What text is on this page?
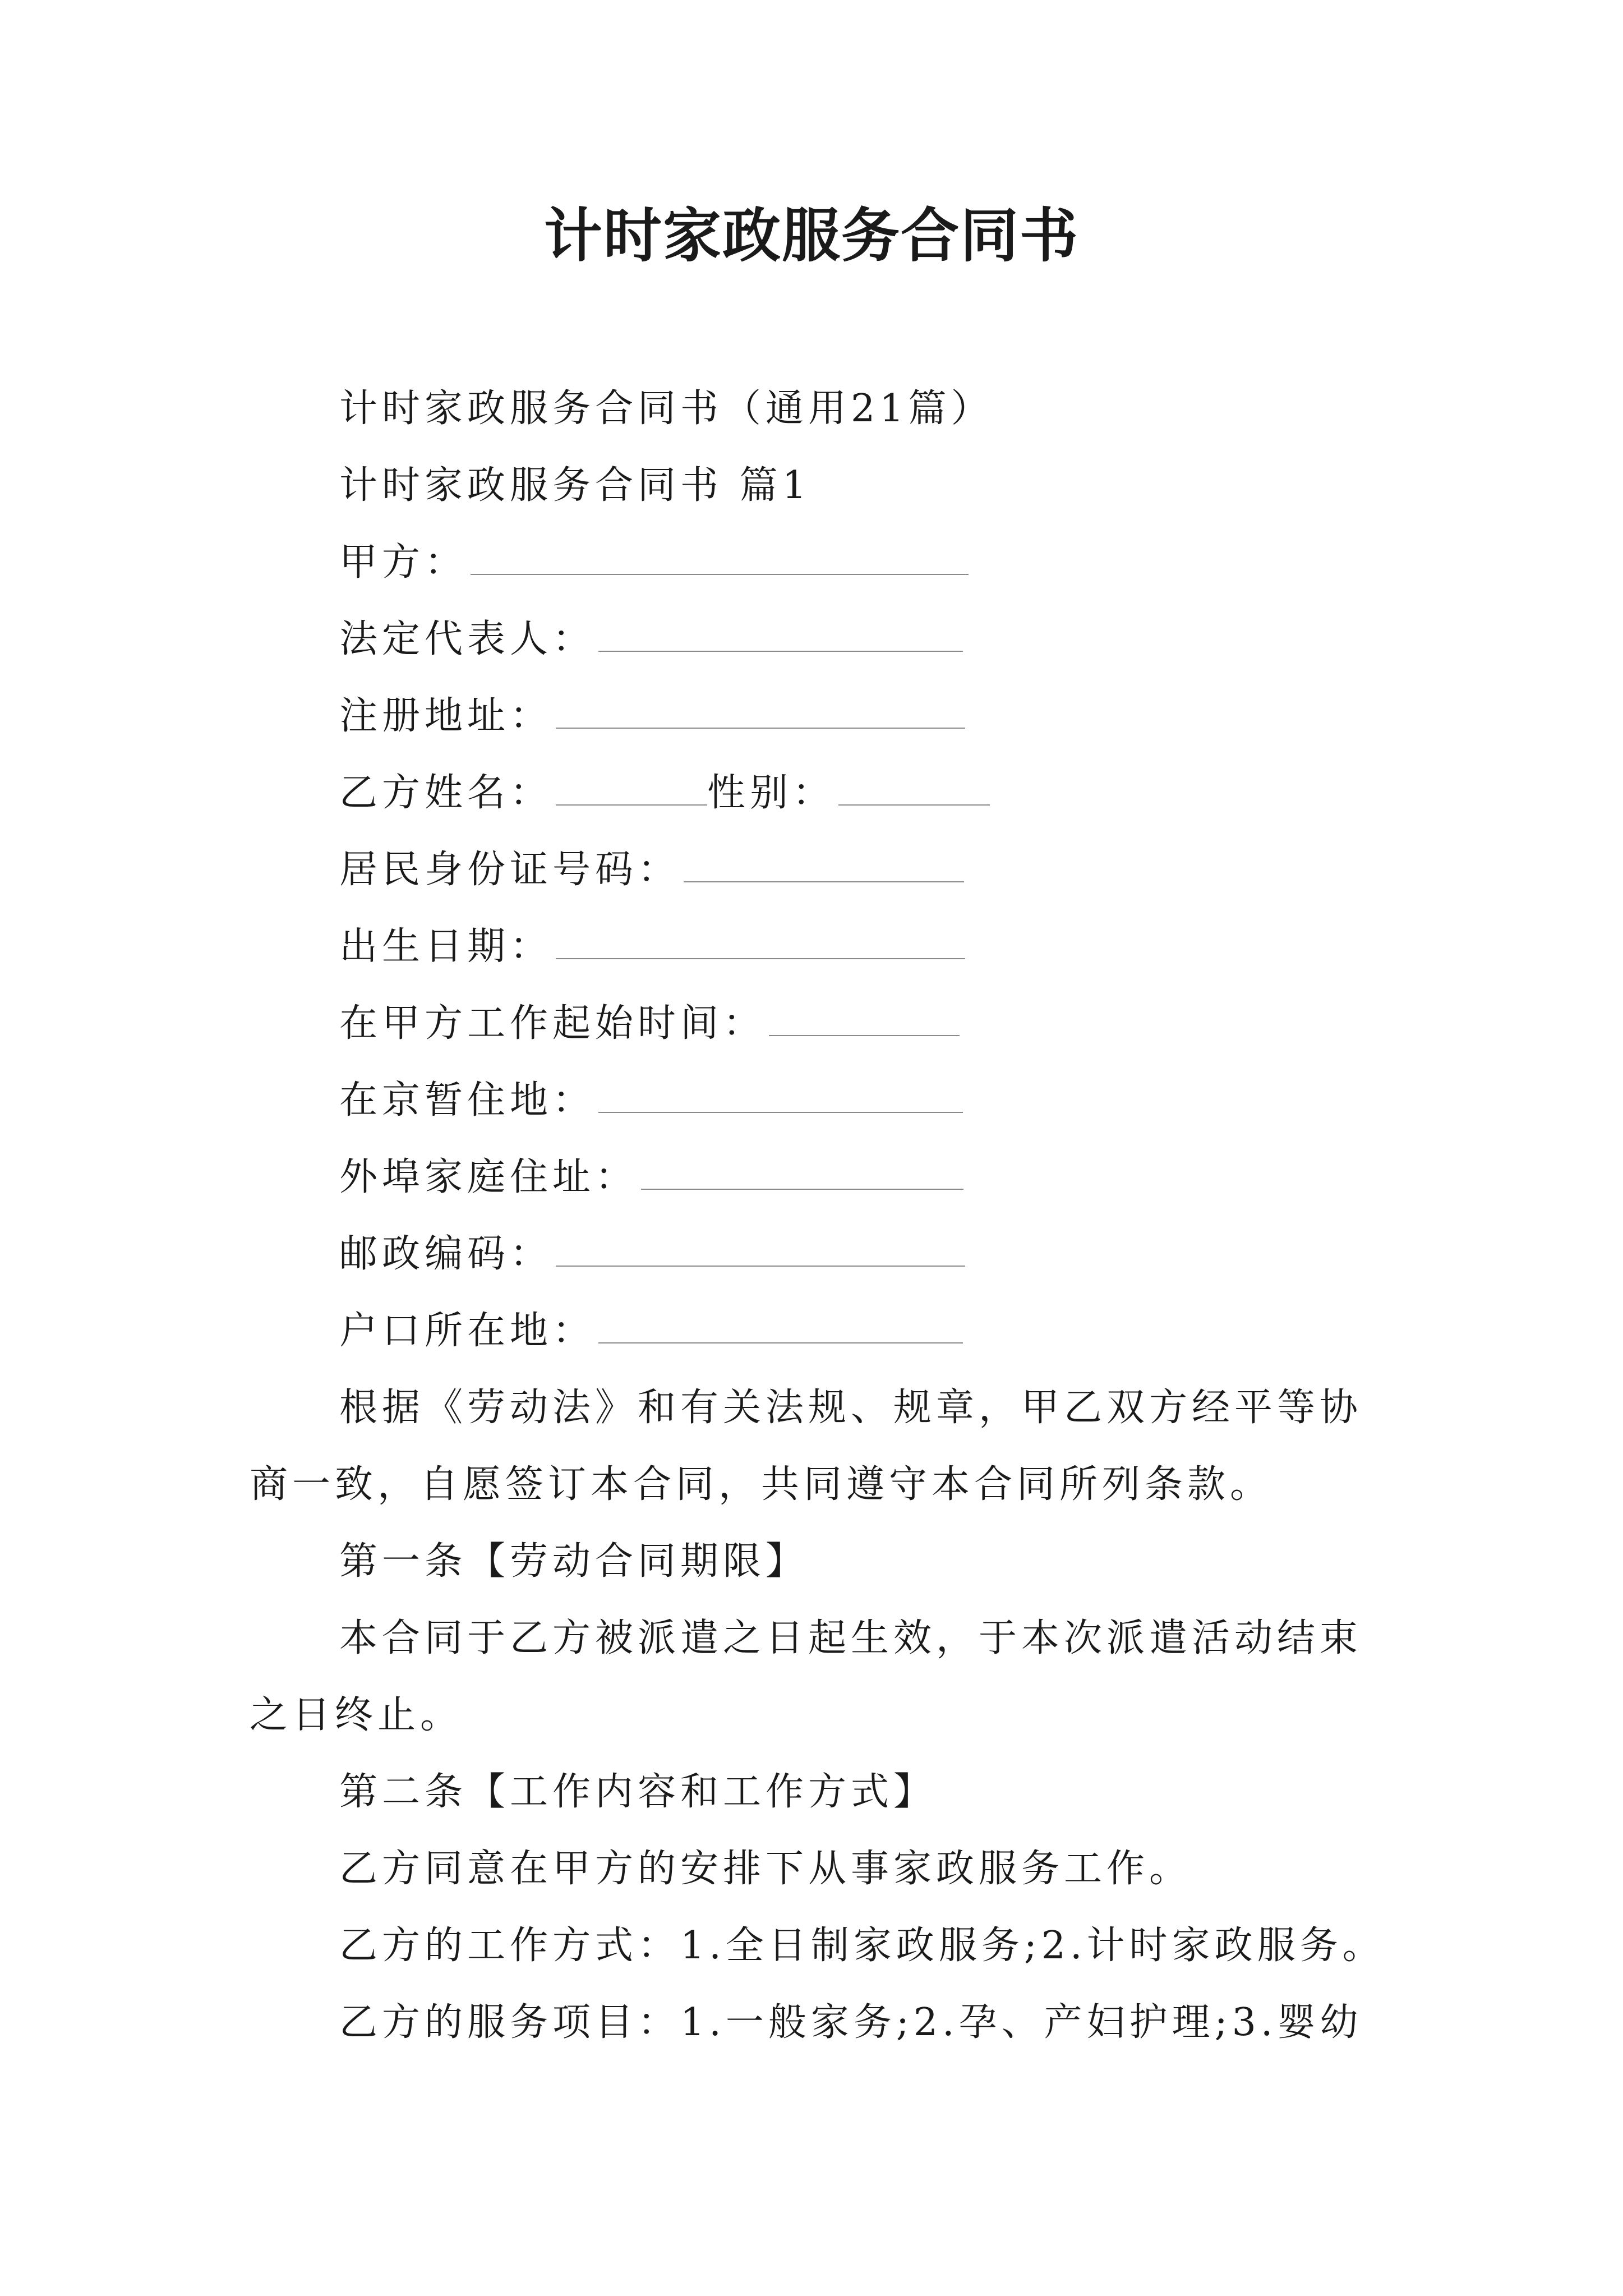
计时家政服务合同书
计时家政服务合同书（通用21篇）
计时家政服务合同书 篇1
甲方：
法定代表人：
注册地址：
乙方姓名：	性别：
居民身份证号码：
出生日期：
在甲方工作起始时间：
在京暂住地：
外埠家庭住址：
邮政编码：
户口所在地：
根据《劳动法》和有关法规、规章，甲乙双方经平等协
商一致，自愿签订本合同，共同遵守本合同所列条款。
第一条【劳动合同期限】
本合同于乙方被派遣之日起生效，于本次派遣活动结束
之日终止。
第二条【工作内容和工作方式】
乙方同意在甲方的安排下从事家政服务工作。
乙方的工作方式：1.全日制家政服务;2.计时家政服务。
乙方的服务项目：1.一般家务;2.孕、产妇护理;3.婴幼
